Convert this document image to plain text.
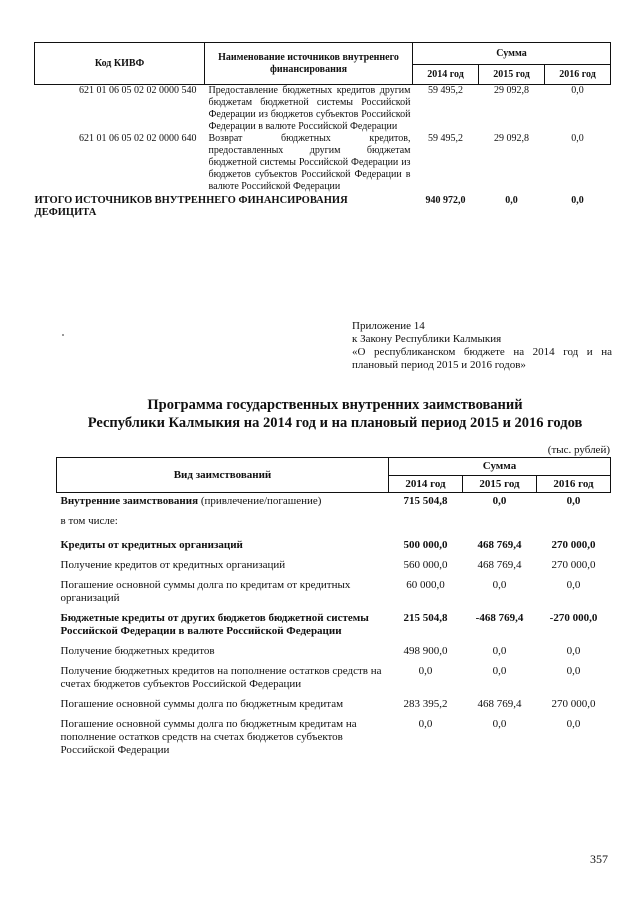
Код КИВФ	Наименование источников внутреннего финансирования	Сумма		
		2014 год	2015 год	2016 год
621 01 06 05 02 02 0000 540	Предоставление бюджетных кредитов другим бюджетам бюджетной системы Российской Федерации из бюджетов субъектов Российской Федерации в валюте Российской Федерации	59 495,2	29 092,8	0,0
621 01 06 05 02 02 0000 640	Возврат бюджетных кредитов, предоставленных другим бюджетам бюджетной системы Российской Федерации из бюджетов субъектов Российской Федерации в валюте Российской Федерации	59 495,2	29 092,8	0,0
ИТОГО ИСТОЧНИКОВ ВНУТРЕННЕГО ФИНАНСИРОВАНИЯ ДЕФИЦИТА		940 972,0	0,0	0,0
Приложение 14
к Закону Республики Калмыкия
«О республиканском бюджете на 2014 год и на плановый период 2015 и 2016 годов»
Программа государственных внутренних заимствований
Республики Калмыкия на 2014 год и на плановый период 2015 и 2016 годов
(тыс. рублей)
Вид заимствований	Сумма		
	2014 год	2015 год	2016 год
Внутренние заимствования (привлечение/погашение)	715 504,8	0,0	0,0
в том числе:			
Кредиты от кредитных организаций	500 000,0	468 769,4	270 000,0
Получение кредитов от кредитных организаций	560 000,0	468 769,4	270 000,0
Погашение основной суммы долга по кредитам от кредитных организаций	60 000,0	0,0	0,0
Бюджетные кредиты от других бюджетов бюджетной системы Российской Федерации в валюте Российской Федерации	215 504,8	-468 769,4	-270 000,0
Получение бюджетных кредитов	498 900,0	0,0	0,0
Получение бюджетных кредитов на пополнение остатков средств на счетах бюджетов субъектов Российской Федерации	0,0	0,0	0,0
Погашение основной суммы долга по бюджетным кредитам	283 395,2	468 769,4	270 000,0
Погашение основной суммы долга по бюджетным кредитам на пополнение остатков средств на счетах бюджетов субъектов Российской Федерации	0,0	0,0	0,0
357
